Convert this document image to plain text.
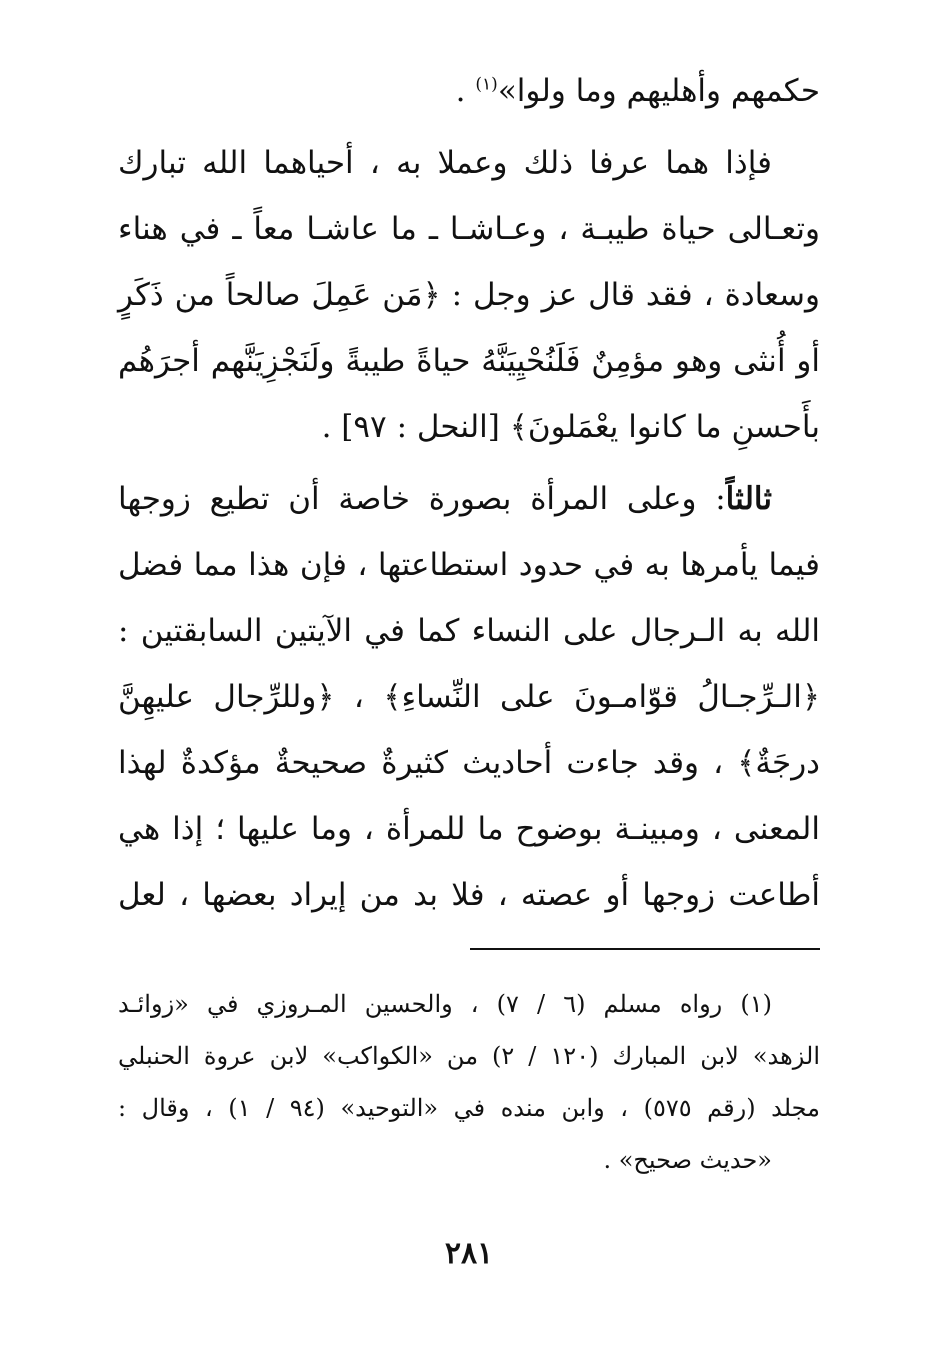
حكمهم وأهليهم وما ولوا»$^{(١)}$ .
فإذا هما عرفا ذلك وعملا به ، أحياهما الله تبارك
وتعـالى حياة طيبـة ، وعـاشـا ـ ما عاشـا معاً ـ في هناء
وسعادة ، فقد قال عز وجل : ﴿مَن عَمِلَ صالحاً من ذَكَرٍ
أو أُنثى وهو مؤمِنٌ فَلَنُحْيِيَنَّهُ حياةً طيبةً ولَنَجْزِيَنَّهم أجرَهُم
بأَحسنِ ما كانوا يعْمَلونَ﴾ [النحل : ٩٧] .
ثالثاً: وعلى المرأة بصورة خاصة أن تطيع زوجها
فيما يأمرها به في حدود استطاعتها ، فإن هذا مما فضل
الله به الـرجال على النساء كما في الآيتين السابقتين :
﴿الـرِّجـالُ قوّامـونَ على النِّساءِ﴾ ، ﴿وللرِّجال عليهِنَّ
درجَةٌ﴾ ، وقد جاءت أحاديث كثيرةٌ صحيحةٌ مؤكدةٌ لهذا
المعنى ، ومبينـة بوضوح ما للمرأة ، وما عليها ؛ إذا هي
أطاعت زوجها أو عصته ، فلا بد من إيراد بعضها ، لعل
(١) رواه مسلم (٦ / ٧) ، والحسين المـروزي في «زوائـد
الزهد» لابن المبارك (١٢٠ / ٢) من «الكواكب» لابن عروة الحنبلي
مجلد (رقم ٥٧٥) ، وابن منده في «التوحيد» (٩٤ / ١) ، وقال :
«حديث صحيح» .
٢٨١
